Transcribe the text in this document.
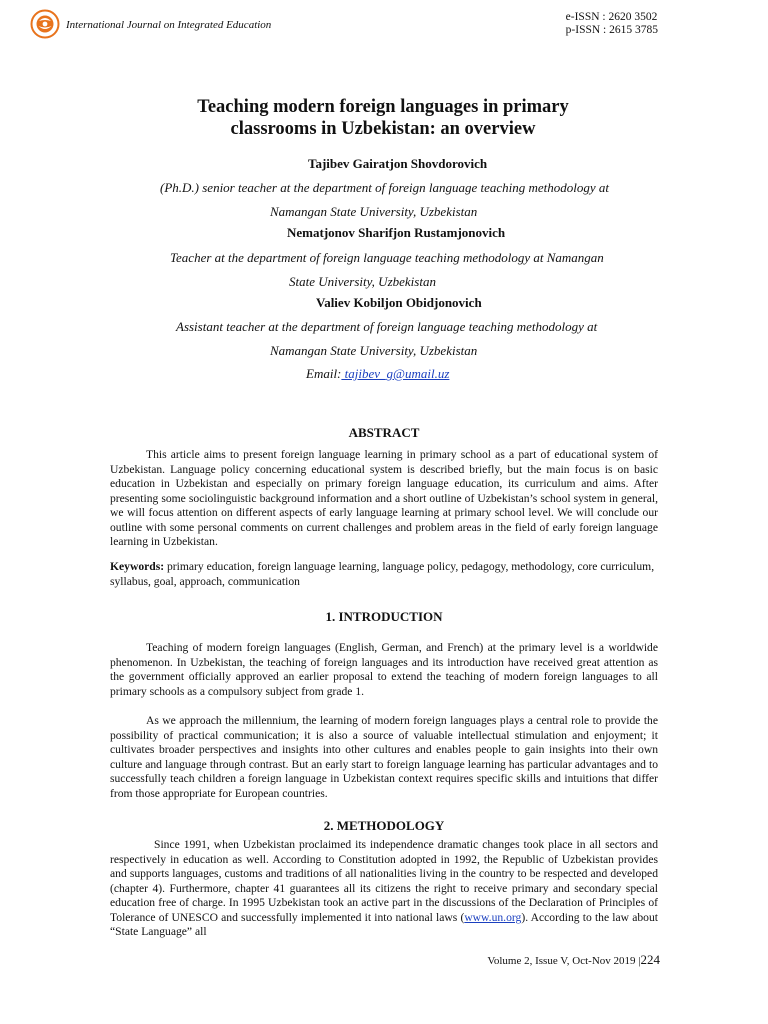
International Journal on Integrated Education
e-ISSN : 2620 3502
p-ISSN : 2615 3785
Teaching modern foreign languages in primary
classrooms in Uzbekistan: an overview
Tajibev Gairatjon Shovdorovich
(Ph.D.) senior teacher at the department of foreign language teaching methodology at
Namangan State University, Uzbekistan
Nematjonov Sharifjon Rustamjonovich
Teacher at the department of foreign language teaching methodology at Namangan
State University, Uzbekistan
Valiev Kobiljon Obidjonovich
Assistant teacher at the department of foreign language teaching methodology at
Namangan State University, Uzbekistan
Email: tajibev_g@umail.uz
ABSTRACT

This article aims to present foreign language learning in primary school as a part of educational system of Uzbekistan. Language policy concerning educational system is described briefly, but the main focus is on basic education in Uzbekistan and especially on primary foreign language education, its curriculum and aims. After presenting some sociolinguistic background information and a short outline of Uzbekistan’s school system in general, we will focus attention on different aspects of early language learning at primary school level. We will conclude our outline with some personal comments on current challenges and problem areas in the field of early foreign language learning in Uzbekistan.

Keywords: primary education, foreign language learning, language policy, pedagogy, methodology, core curriculum, syllabus, goal, approach, communication

1. INTRODUCTION

Teaching of modern foreign languages (English, German, and French) at the primary level is a worldwide phenomenon. In Uzbekistan, the teaching of foreign languages and its introduction have received great attention as the government officially approved an earlier proposal to extend the teaching of modern foreign languages to all primary schools as a compulsory subject from grade 1.

As we approach the millennium, the learning of modern foreign languages plays a central role to provide the possibility of practical communication; it is also a source of valuable intellectual stimulation and enjoyment; it cultivates broader perspectives and insights into other cultures and enables people to gain insights into their own culture and language through contrast. But an early start to foreign language learning has particular advantages and to successfully teach children a foreign language in Uzbekistan context requires specific skills and intuitions that differ from those appropriate for European countries.

2. METHODOLOGY

Since 1991, when Uzbekistan proclaimed its independence dramatic changes took place in all sectors and respectively in education as well. According to Constitution adopted in 1992, the Republic of Uzbekistan provides and supports languages, customs and traditions of all nationalities living in the country to be respected and developed (chapter 4). Furthermore, chapter 41 guarantees all its citizens the right to receive primary and secondary special education free of charge. In 1995 Uzbekistan took an active part in the discussions of the Declaration of Principles of Tolerance of UNESCO and successfully implemented it into national laws (www.un.org). According to the law about “State Language” all

Volume 2, Issue V, Oct-Nov 2019 |224
